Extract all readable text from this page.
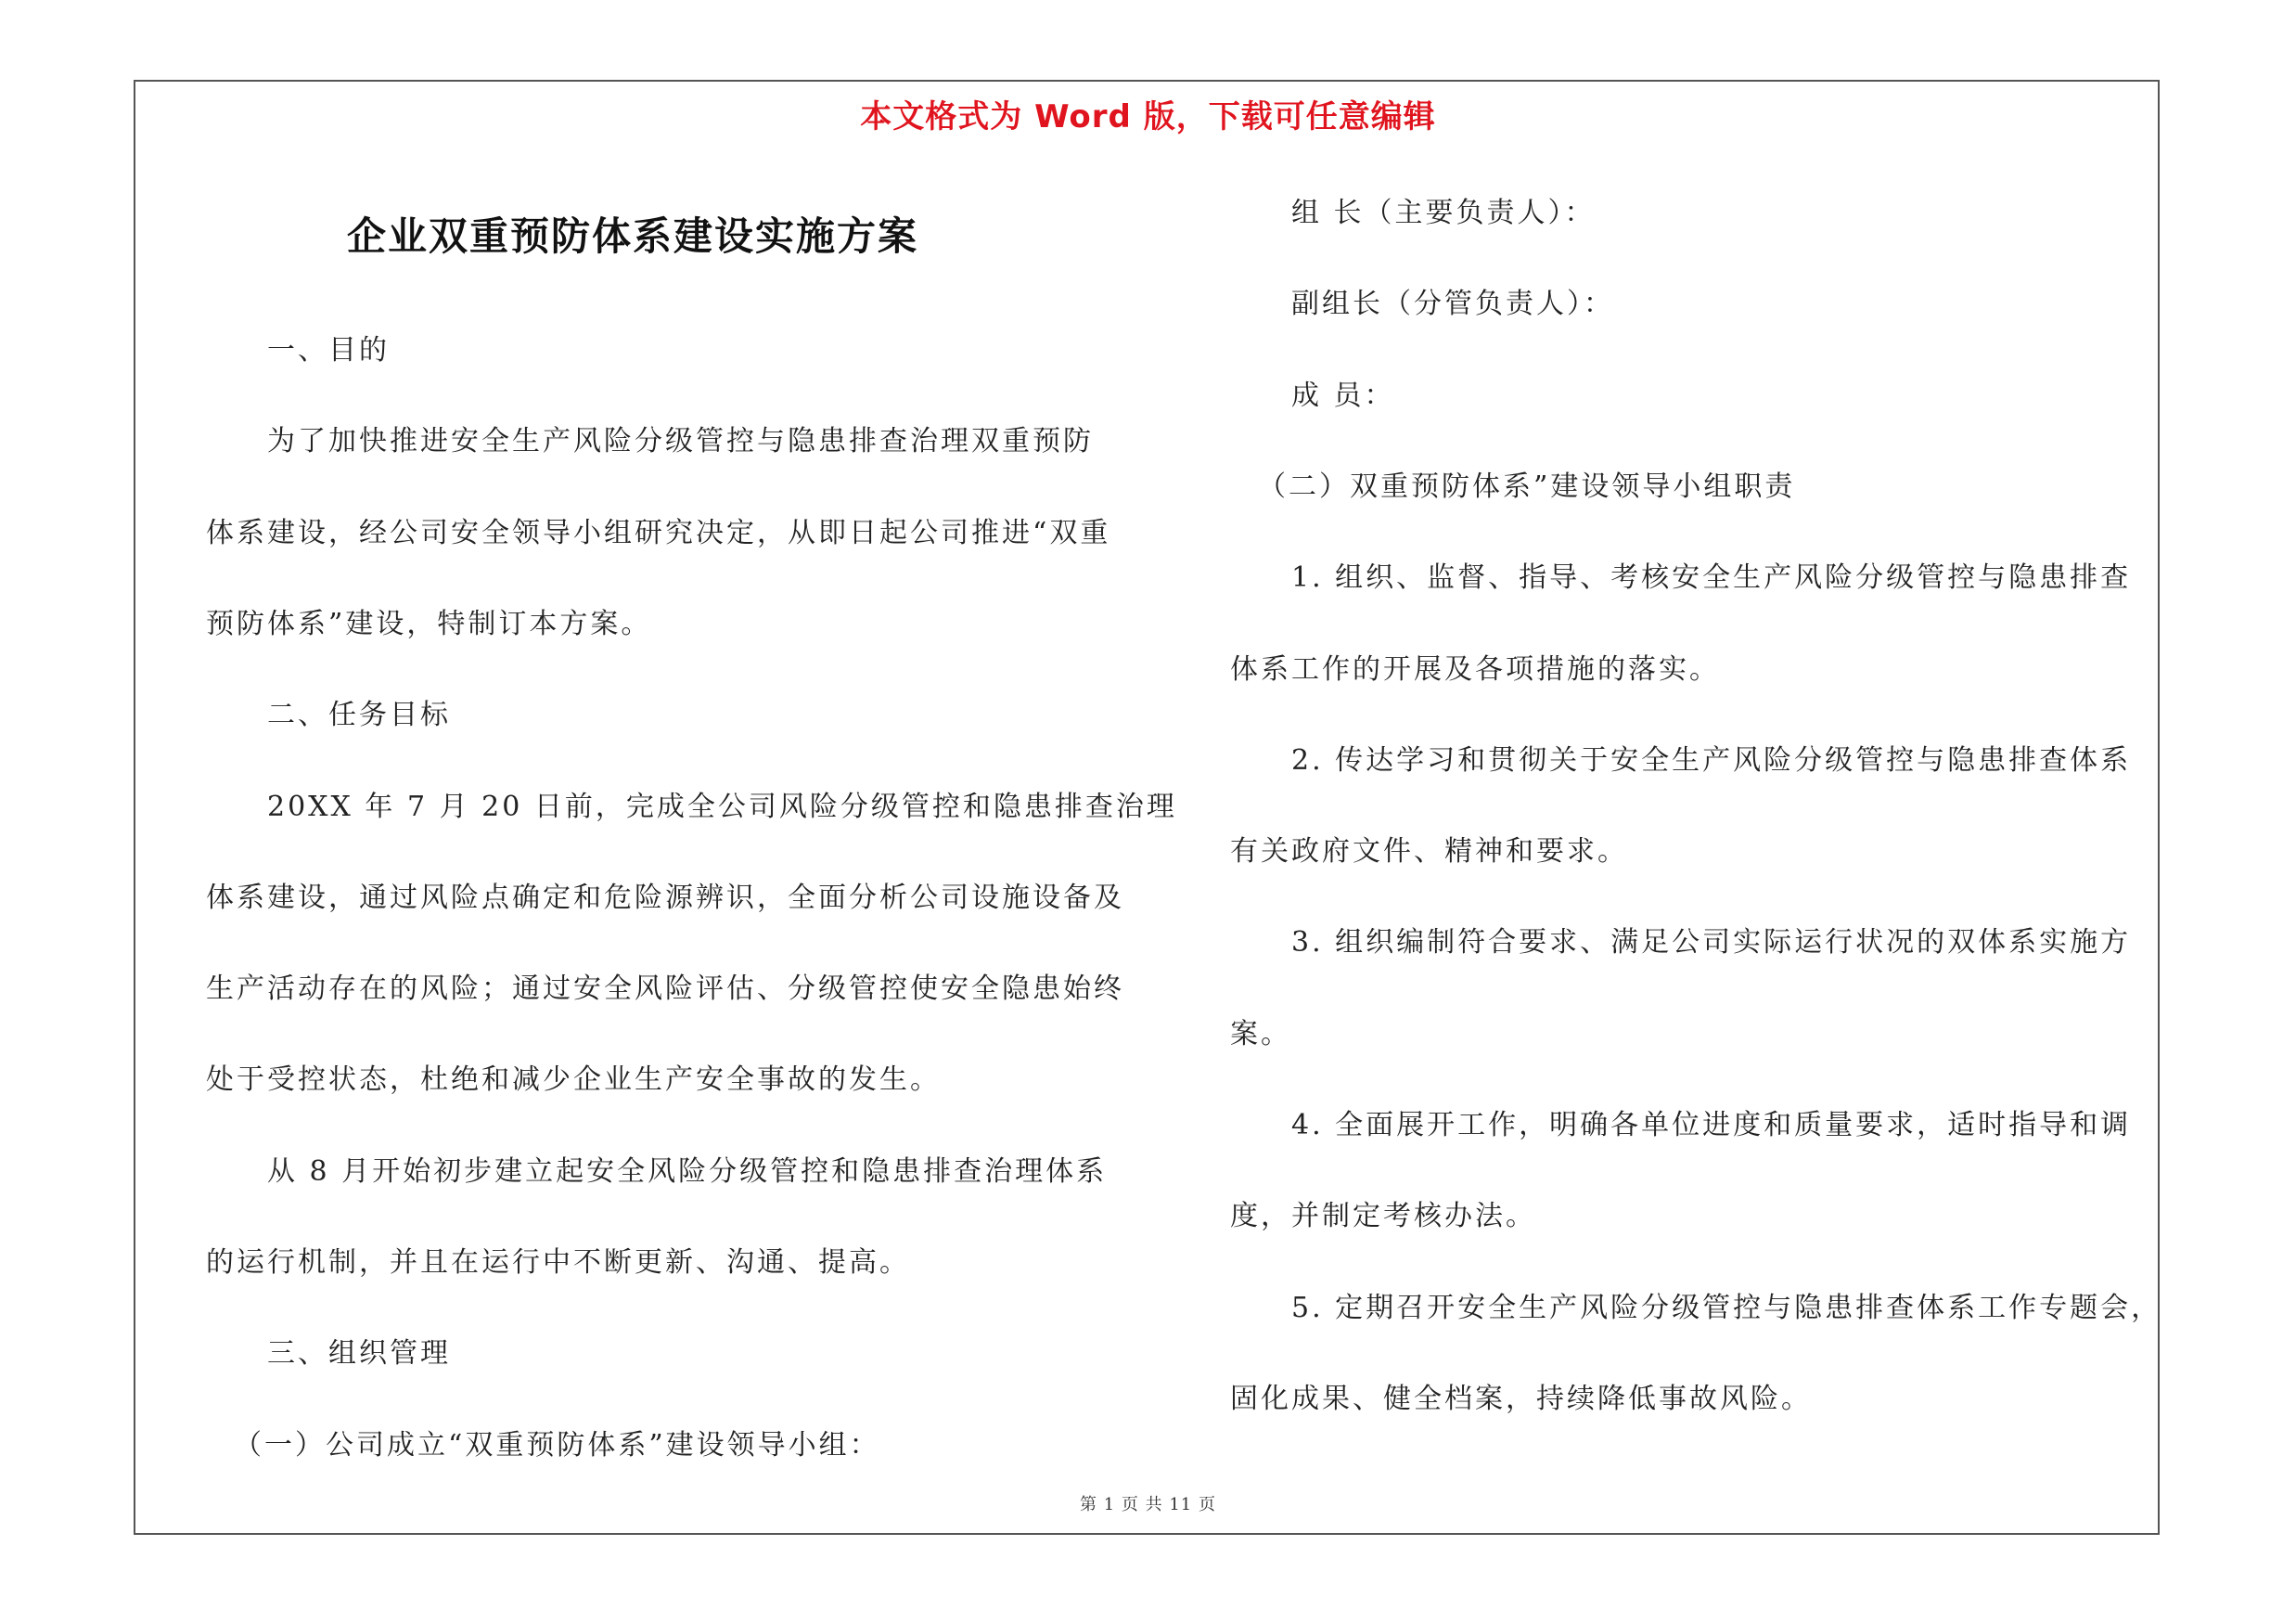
本文格式为 Word 版，下载可任意编辑
企业双重预防体系建设实施方案
一、目的
为了加快推进安全生产风险分级管控与隐患排查治理双重预防
体系建设，经公司安全领导小组研究决定，从即日起公司推进“双重
预防体系”建设，特制订本方案。
二、任务目标
20XX 年 7 月 20 日前，完成全公司风险分级管控和隐患排查治理
体系建设，通过风险点确定和危险源辨识，全面分析公司设施设备及
生产活动存在的风险；通过安全风险评估、分级管控使安全隐患始终
处于受控状态，杜绝和减少企业生产安全事故的发生。
从 8 月开始初步建立起安全风险分级管控和隐患排查治理体系
的运行机制，并且在运行中不断更新、沟通、提高。
三、组织管理
（一）公司成立“双重预防体系”建设领导小组：
组 长（主要负责人）：
副组长（分管负责人）：
成 员：
（二）双重预防体系”建设领导小组职责
1. 组织、监督、指导、考核安全生产风险分级管控与隐患排查
体系工作的开展及各项措施的落实。
2. 传达学习和贯彻关于安全生产风险分级管控与隐患排查体系
有关政府文件、精神和要求。
3. 组织编制符合要求、满足公司实际运行状况的双体系实施方
案。
4. 全面展开工作，明确各单位进度和质量要求，适时指导和调
度，并制定考核办法。
5. 定期召开安全生产风险分级管控与隐患排查体系工作专题会，
固化成果、健全档案，持续降低事故风险。
第 1 页 共 11 页
